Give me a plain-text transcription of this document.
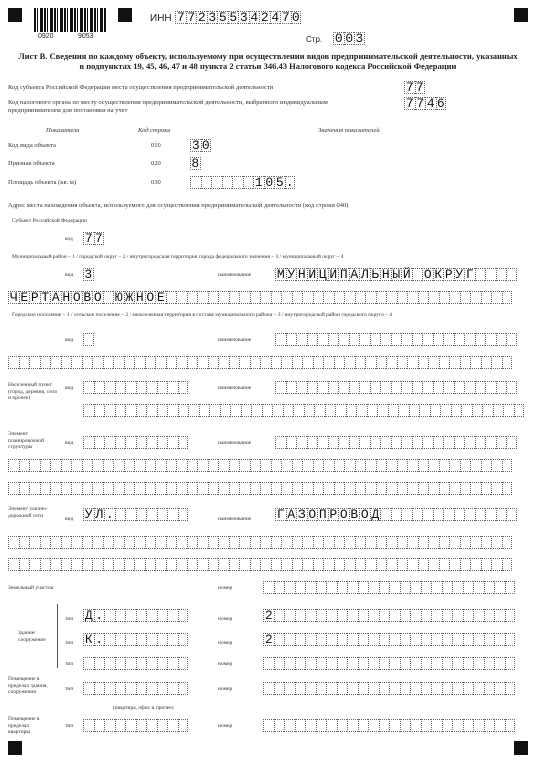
0920	9053
ИНН 7 7 2 3 5 5 3 4 2 4 7 0
Стр. 0 0 3
Лист В. Сведения по каждому объекту, используемому при осуществлении видов предпринимательской деятельности, указанных в подпунктах 19, 45, 46, 47 и 48 пункта 2 статьи 346.43 Налогового кодекса Российской Федерации
Код субъекта Российской Федерации места осуществления предпринимательской деятельности	7 7
Код налогового органа по месту осуществления предпринимательской деятельности, выбранного индивидуальным предпринимателем для постановки на учет	7 7 4 6
Показатели	Код строки	Значения показателей
Код вида объекта	010 3 0
Признак объекта	020 8
Площадь объекта (кв. м)	030	1 0 5 .
Адрес места нахождения объекта, используемого для осуществления предпринимательской деятельности (код строки 040)
Субъект Российской Федерации
код 7 7
Муниципальный район – 1 / городской округ – 2 / внутригородская территория города федерального значения – 3 / муниципальный округ – 4
вид 3	наименование М У Н И Ц И П А Л Ь Н Ы Й О К Р У Г
Ч Е Р Т А Н О В О Ю Ж Н О Е
Городское поселение – 1 / сельское поселение – 2 / межселенная территория в составе муниципального района – 3 / внутригородской район городского округа – 4
вид	наименование
Населенный пункт (город, деревня, село и прочее)
вид	наименование
Элемент планировочной структуры
вид	наименование
Элемент улично-дорожной сети
вид У Л .	наименование Г А З О П Р О В О Д
Земельный участок	номер
Здание/ сооружение
тип Д .	номер	2
тип К .	номер	2
тип	номер
Помещение в пределах здания, сооружения	тип	номер
(квартира, офис и прочее)
Помещение в пределах квартиры
тип	номер
